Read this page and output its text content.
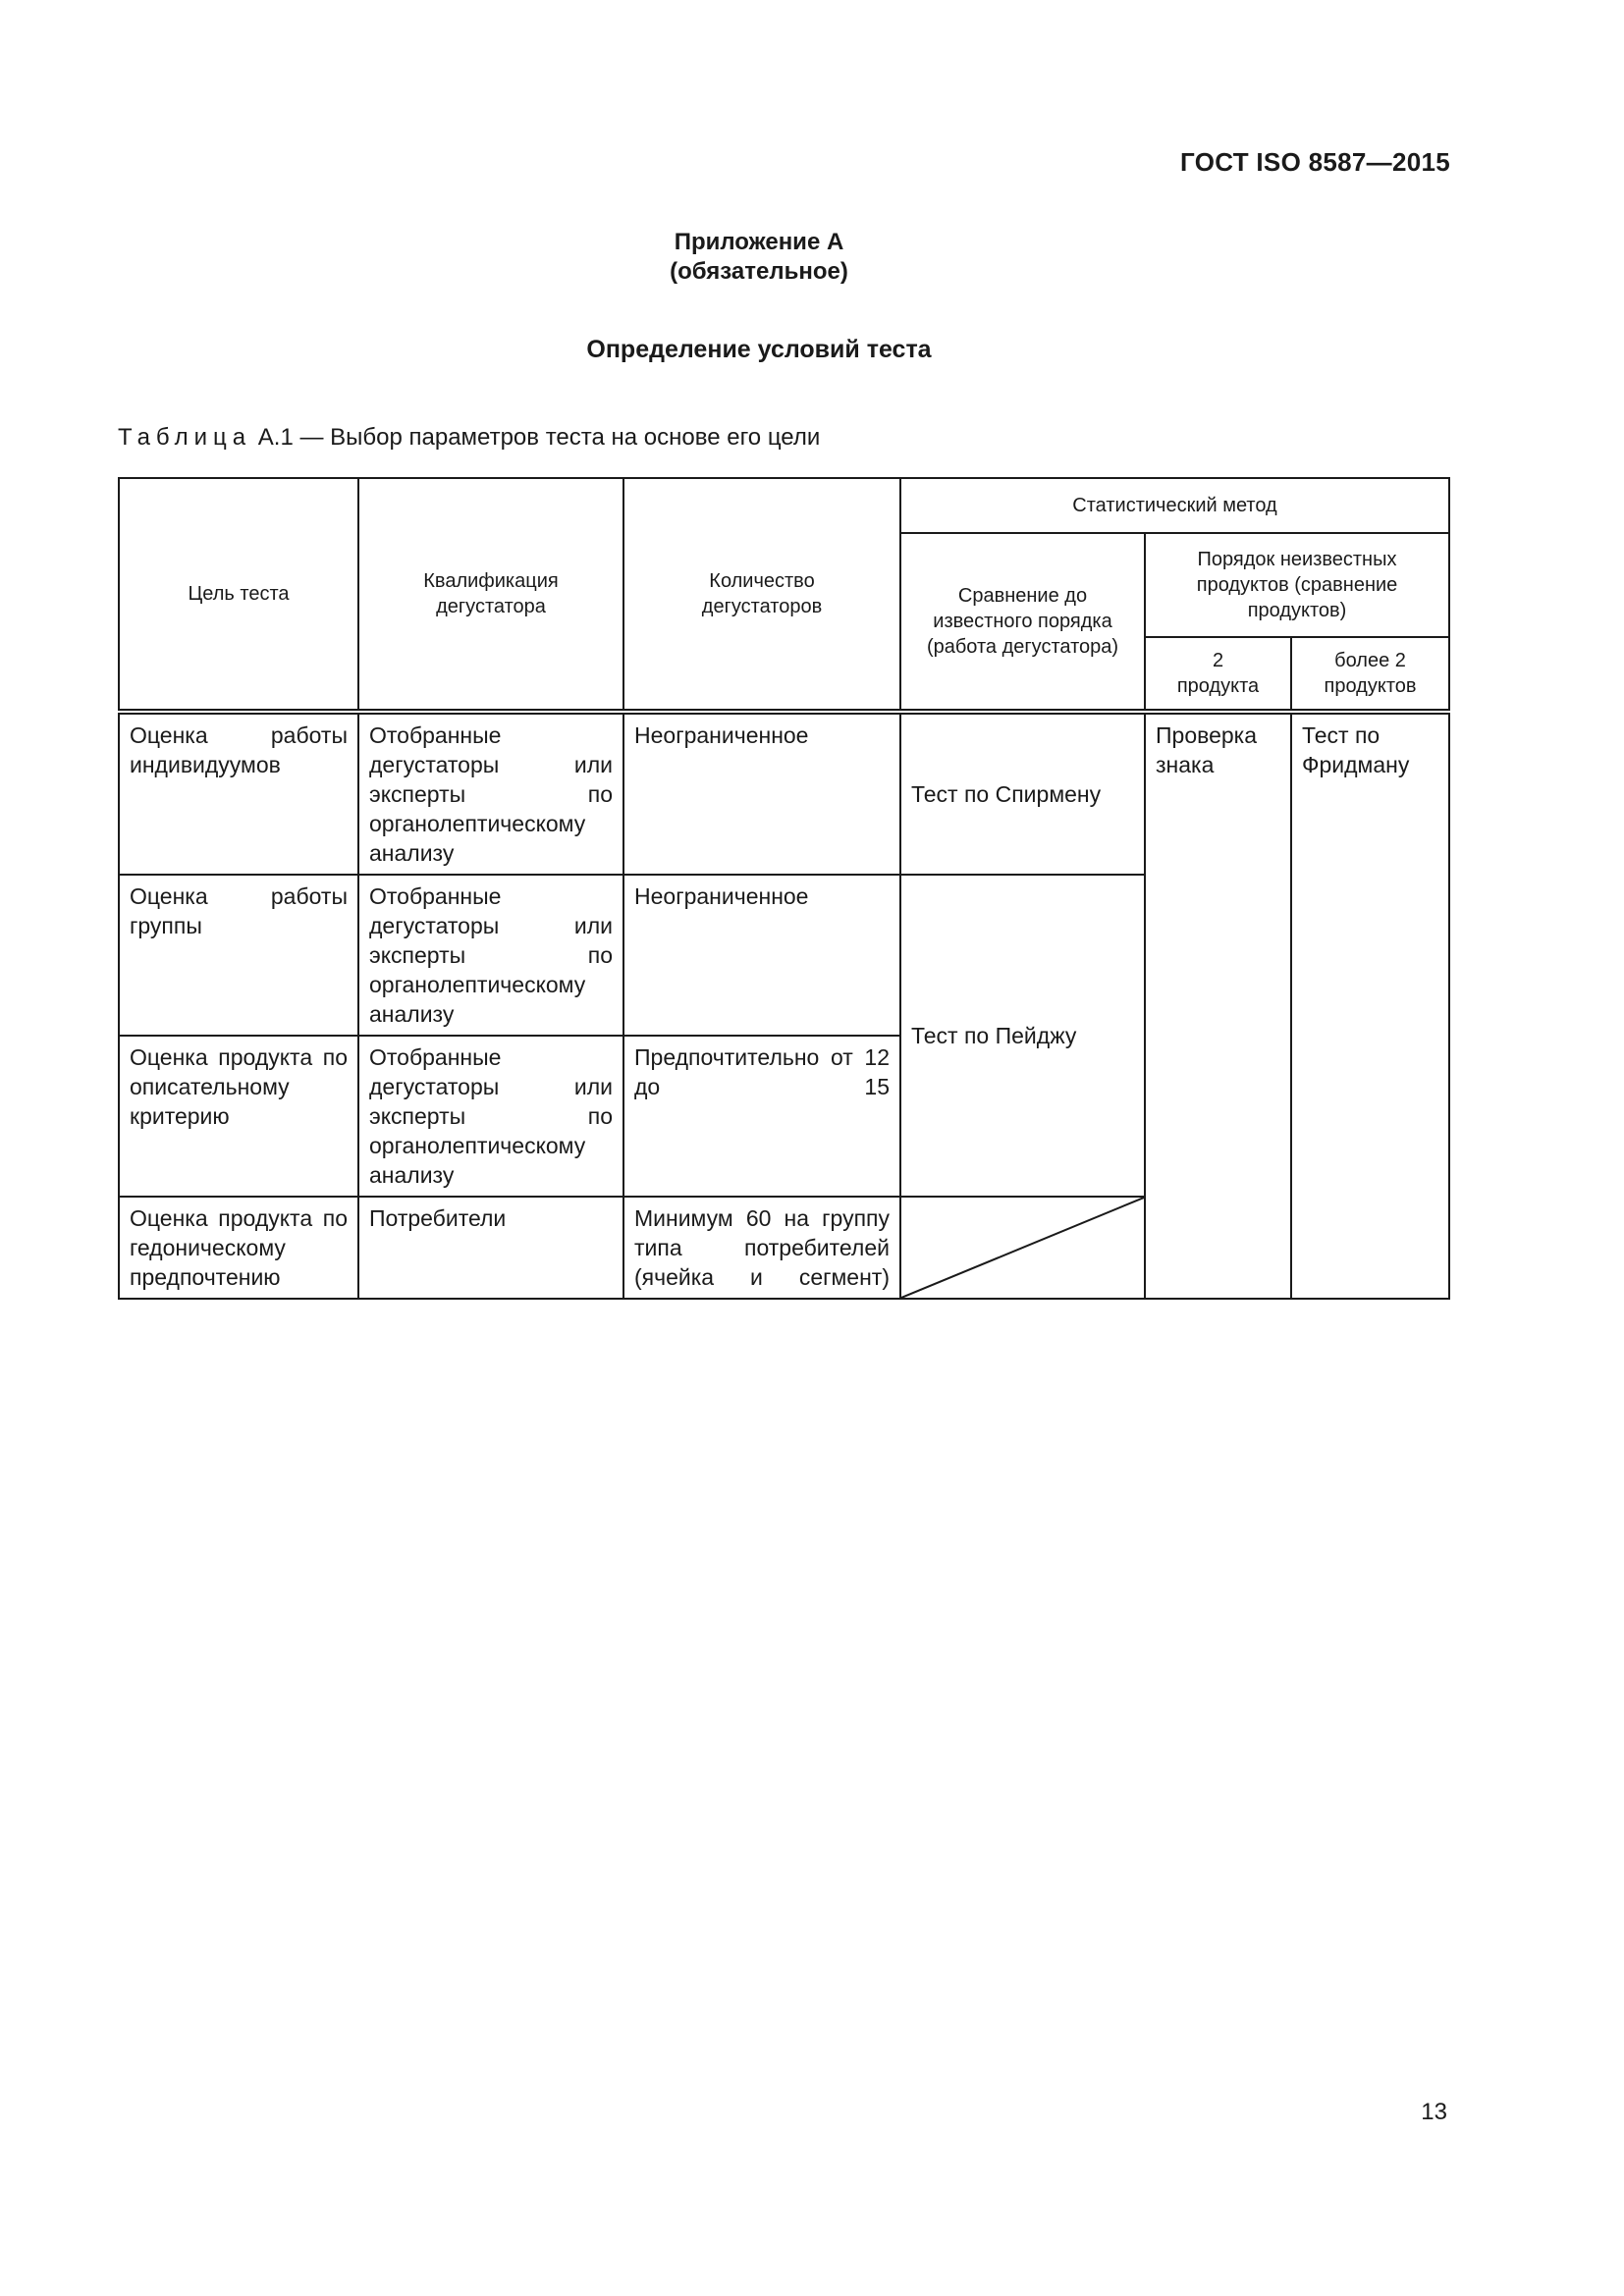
ГОСТ ISO 8587—2015
Приложение А
(обязательное)
Определение условий теста
Таблица А.1 — Выбор параметров теста на основе его цели
Цель теста	Квалификация дегустатора	Количество дегустаторов	Статистический метод		
			Сравнение до известного порядка (работа дегустатора)	Порядок неизвестных продуктов (сравнение продуктов)	
				2 продукта	более 2 продуктов
Оценка работы индивидуумов	Отобранные дегустаторы или эксперты по органолептическому анализу	Неограниченное	Тест по Спирмену	Проверка знака	Тест по Фридману
Оценка работы группы	Отобранные дегустаторы или эксперты по органолептическому анализу	Неограниченное	Тест по Пейджу		
Оценка продукта по описательному критерию	Отобранные дегустаторы или эксперты по органолептическому анализу	Предпочтительно от 12 до 15			
Оценка продукта по гедоническому предпочтению	Потребители	Минимум 60 на группу типа потребителей (ячейка и сегмент)	
13
